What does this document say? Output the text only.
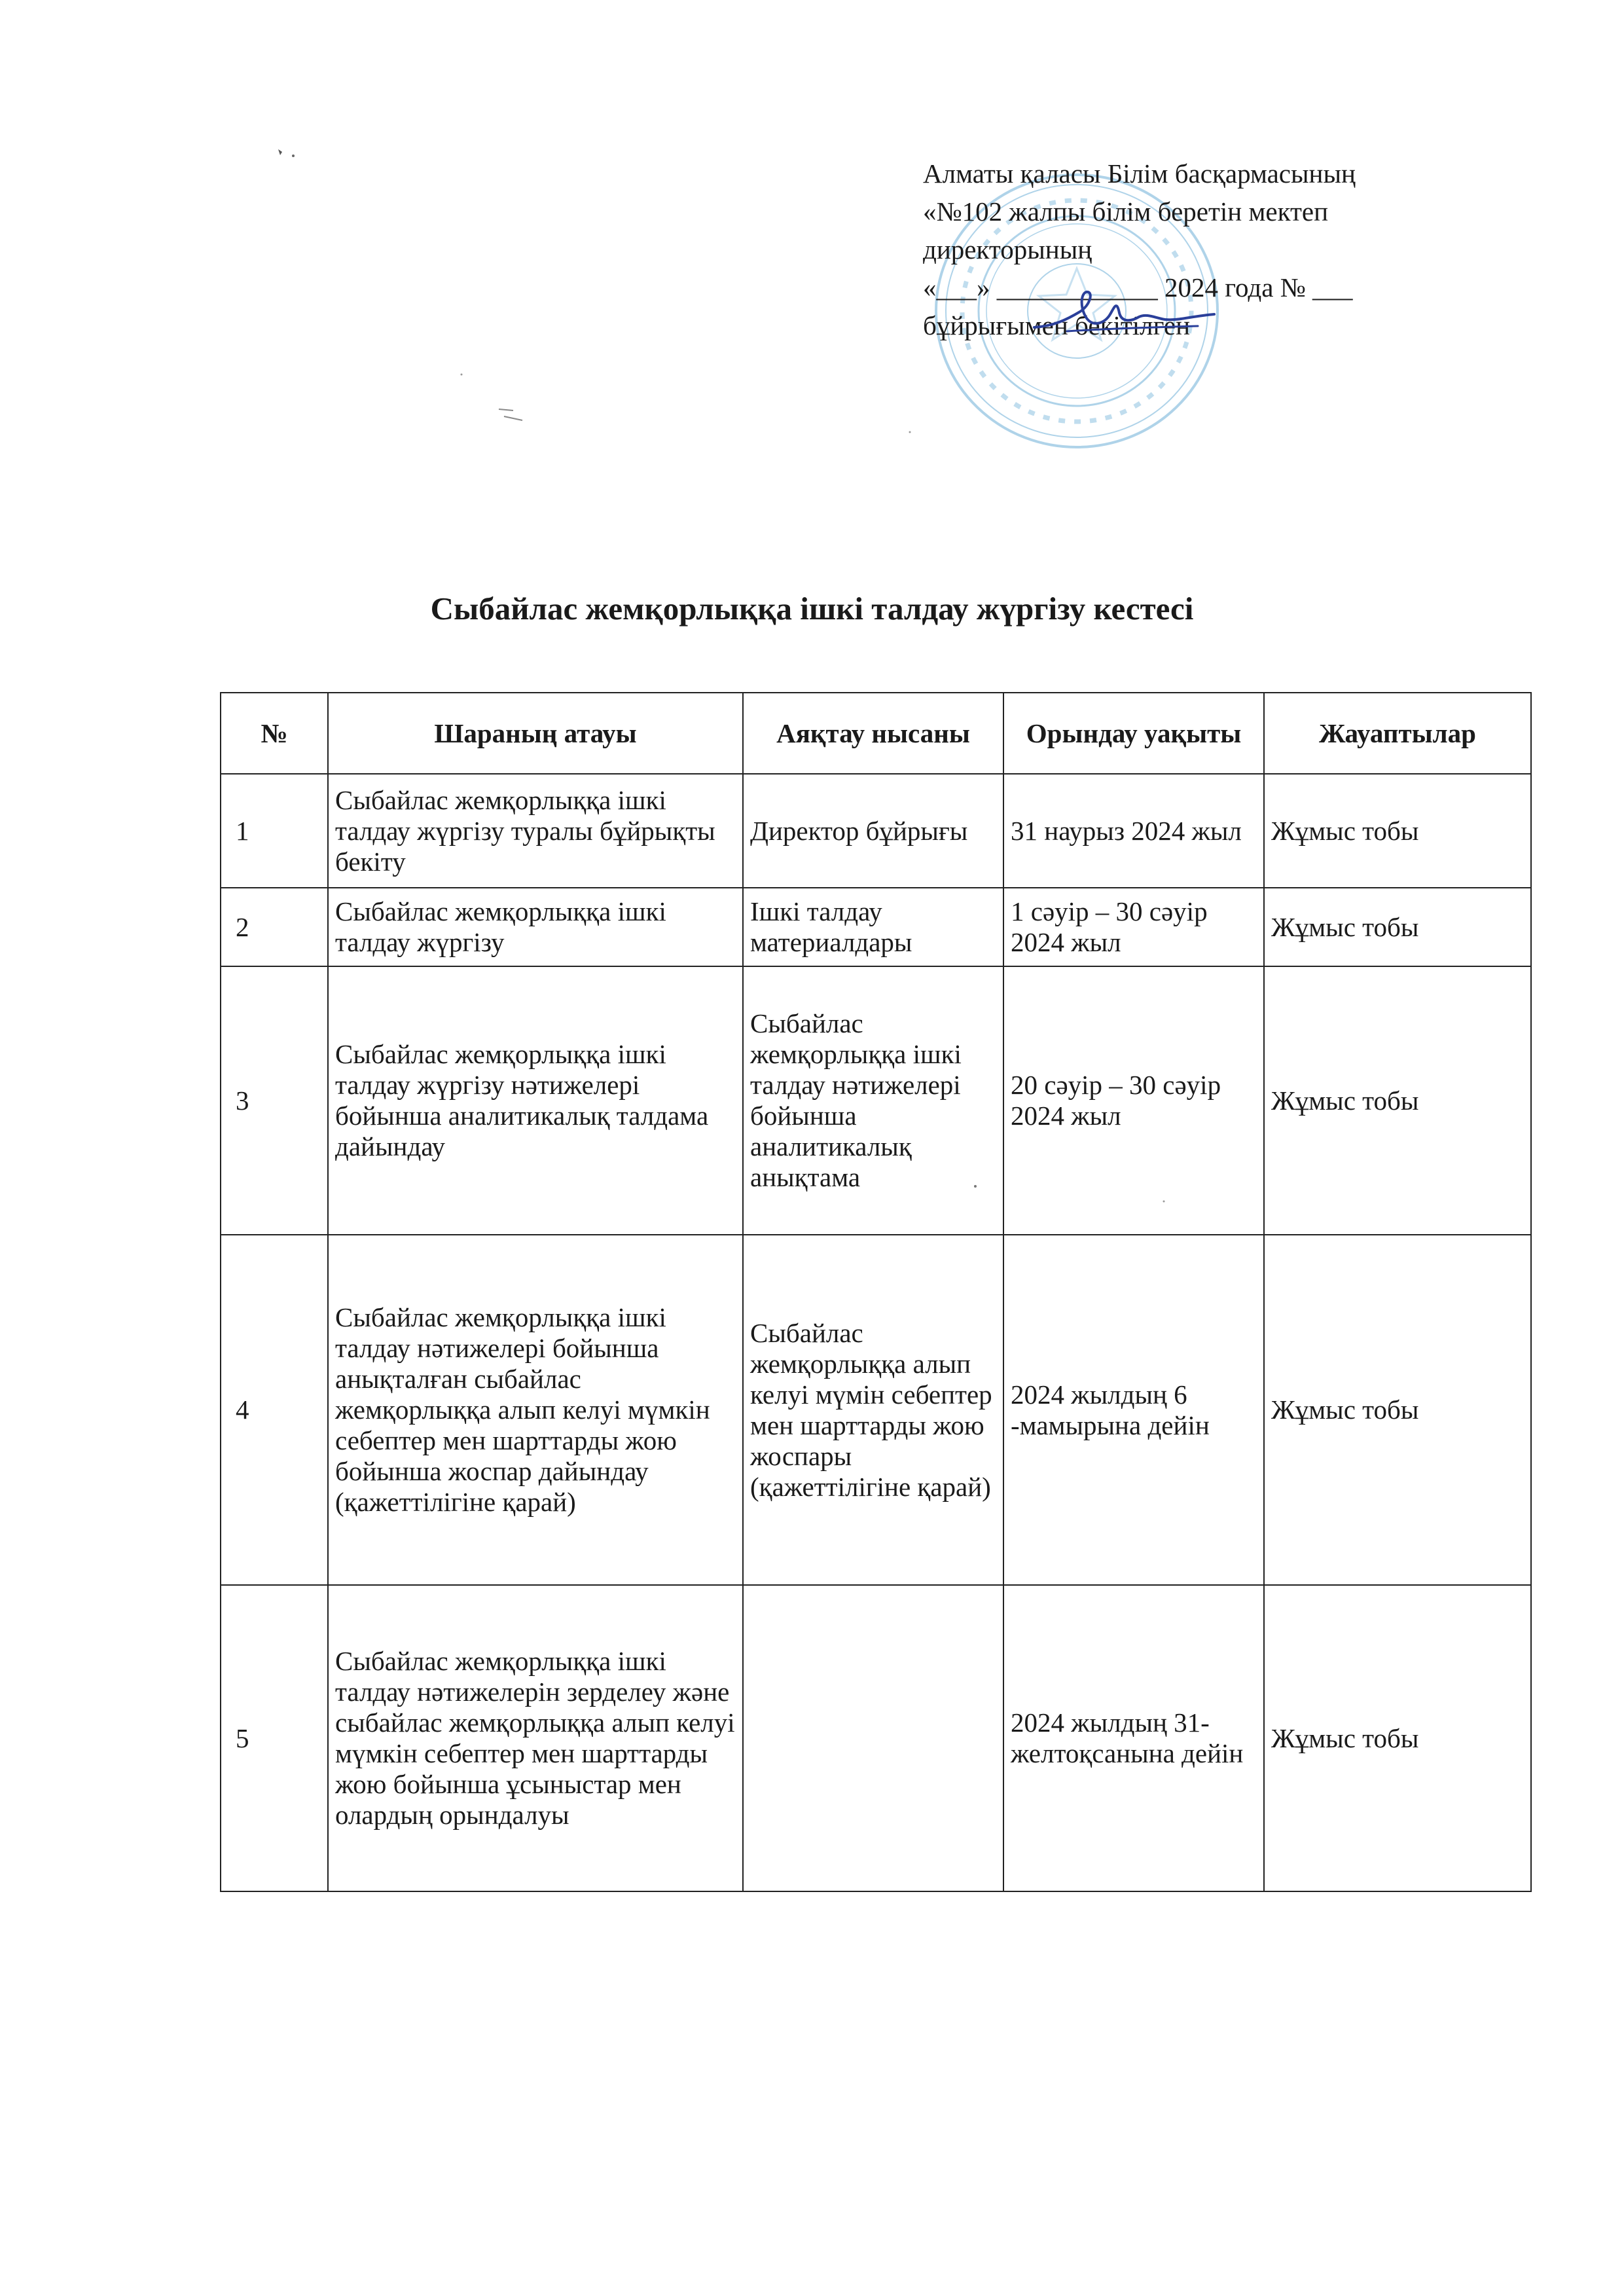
Алматы қаласы Білім басқармасының
«№102 жалпы білім беретін мектеп
директорының
«___» ____________ 2024 года № ___
бұйрығымен бекітілген
Сыбайлас жемқорлыққа ішкі талдау жүргізу кестесі
№	Шараның атауы	Аяқтау нысаны	Орындау уақыты	Жауаптылар
1	Сыбайлас жемқорлыққа ішкі талдау жүргізу туралы бұйрықты бекіту	Директор бұйрығы	31 наурыз 2024 жыл	Жұмыс тобы
2	Сыбайлас жемқорлыққа ішкі талдау жүргізу	Ішкі талдау материалдары	1 сәуір – 30 сәуір 2024 жыл	Жұмыс тобы
3	Сыбайлас жемқорлыққа ішкі талдау жүргізу нәтижелері бойынша аналитикалық талдама дайындау	Сыбайлас жемқорлыққа ішкі талдау нәтижелері бойынша аналитикалық анықтама	20 сәуір – 30 сәуір 2024 жыл	Жұмыс тобы
4	Сыбайлас жемқорлыққа ішкі талдау нәтижелері бойынша анықталған сыбайлас жемқорлыққа алып келуі мүмкін себептер мен шарттарды жою бойынша жоспар дайындау (қажеттілігіне қарай)	Сыбайлас жемқорлыққа алып келуі мүмін себептер мен шарттарды жою жоспары (қажеттілігіне қарай)	2024 жылдың 6 -мамырына дейін	Жұмыс тобы
5	Сыбайлас жемқорлыққа ішкі талдау нәтижелерін зерделеу және сыбайлас жемқорлыққа алып келуі мүмкін себептер мен шарттарды жою бойынша ұсыныстар мен олардың орындалуы		2024 жылдың 31-желтоқсанына дейін	Жұмыс тобы
